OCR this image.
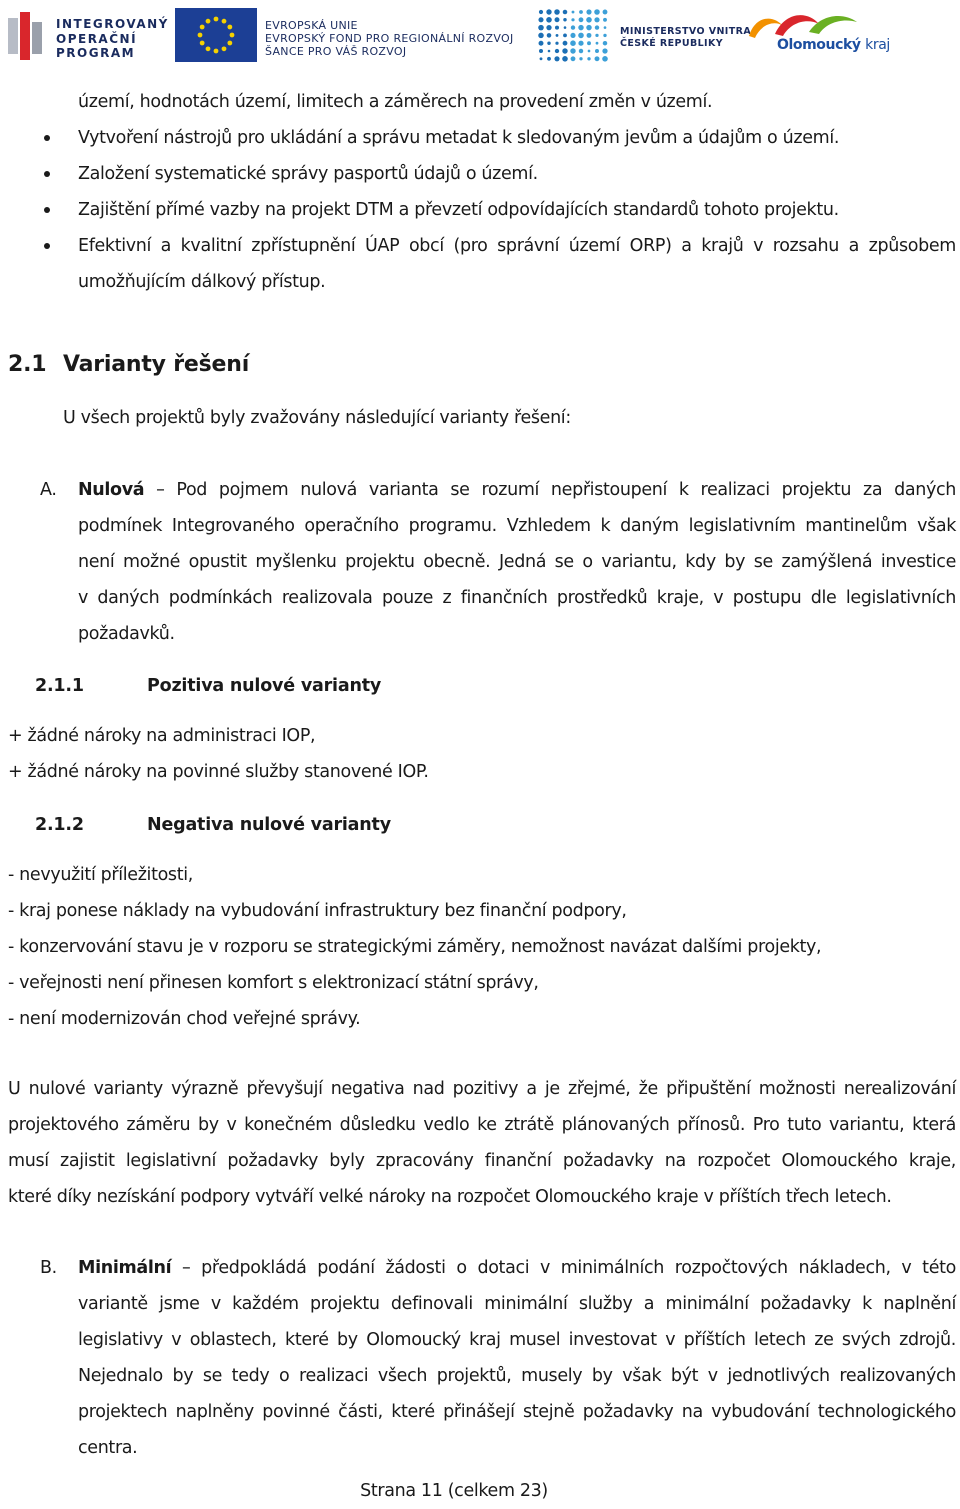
INTEGROVANÝ
OPERAČNÍ
PROGRAM
EVROPSKÁ UNIE
EVROPSKÝ FOND PRO REGIONÁLNÍ ROZVOJ
ŠANCE PRO VÁŠ ROZVOJ
MINISTERSTVO VNITRA
ČESKÉ REPUBLIKY	Olomoucký kraj
území, hodnotách území, limitech a záměrech na provedení změn v území.
Vytvoření nástrojů pro ukládání a správu metadat k sledovaným jevům a údajům o území.
Založení systematické správy pasportů údajů o území.
Zajištění přímé vazby na projekt DTM a převzetí odpovídajících standardů tohoto projektu.
Efektivní a kvalitní zpřístupnění ÚAP obcí (pro správní území ORP) a krajů v rozsahu a způsobem
umožňujícím dálkový přístup.
2.1 Varianty řešení
U všech projektů byly zvažovány následující varianty řešení:
A. Nulová – Pod pojmem nulová varianta se rozumí nepřistoupení k realizaci projektu za daných
podmínek Integrovaného operačního programu. Vzhledem k daným legislativním mantinelům však
není možné opustit myšlenku projektu obecně. Jedná se o variantu, kdy by se zamýšlená investice
v daných podmínkách realizovala pouze z finančních prostředků kraje, v postupu dle legislativních
požadavků.
2.1.1	Pozitiva nulové varianty
+ žádné nároky na administraci IOP,
+ žádné nároky na povinné služby stanovené IOP.
2.1.2	Negativa nulové varianty
- nevyužití příležitosti,
- kraj ponese náklady na vybudování infrastruktury bez finanční podpory,
- konzervování stavu je v rozporu se strategickými záměry, nemožnost navázat dalšími projekty,
- veřejnosti není přinesen komfort s elektronizací státní správy,
- není modernizován chod veřejné správy.
U nulové varianty výrazně převyšují negativa nad pozitivy a je zřejmé, že připuštění možnosti nerealizování
projektového záměru by v konečném důsledku vedlo ke ztrátě plánovaných přínosů. Pro tuto variantu, která
musí zajistit legislativní požadavky byly zpracovány finanční požadavky na rozpočet Olomouckého kraje,
které díky nezískání podpory vytváří velké nároky na rozpočet Olomouckého kraje v příštích třech letech.
B. Minimální – předpokládá podání žádosti o dotaci v minimálních rozpočtových nákladech, v této
variantě jsme v každém projektu definovali minimální služby a minimální požadavky k naplnění
legislativy v oblastech, které by Olomoucký kraj musel investovat v příštích letech ze svých zdrojů.
Nejednalo by se tedy o realizaci všech projektů, musely by však být v jednotlivých realizovaných
projektech naplněny povinné části, které přinášejí stejně požadavky na vybudování technologického
centra.
Strana 11 (celkem 23)
